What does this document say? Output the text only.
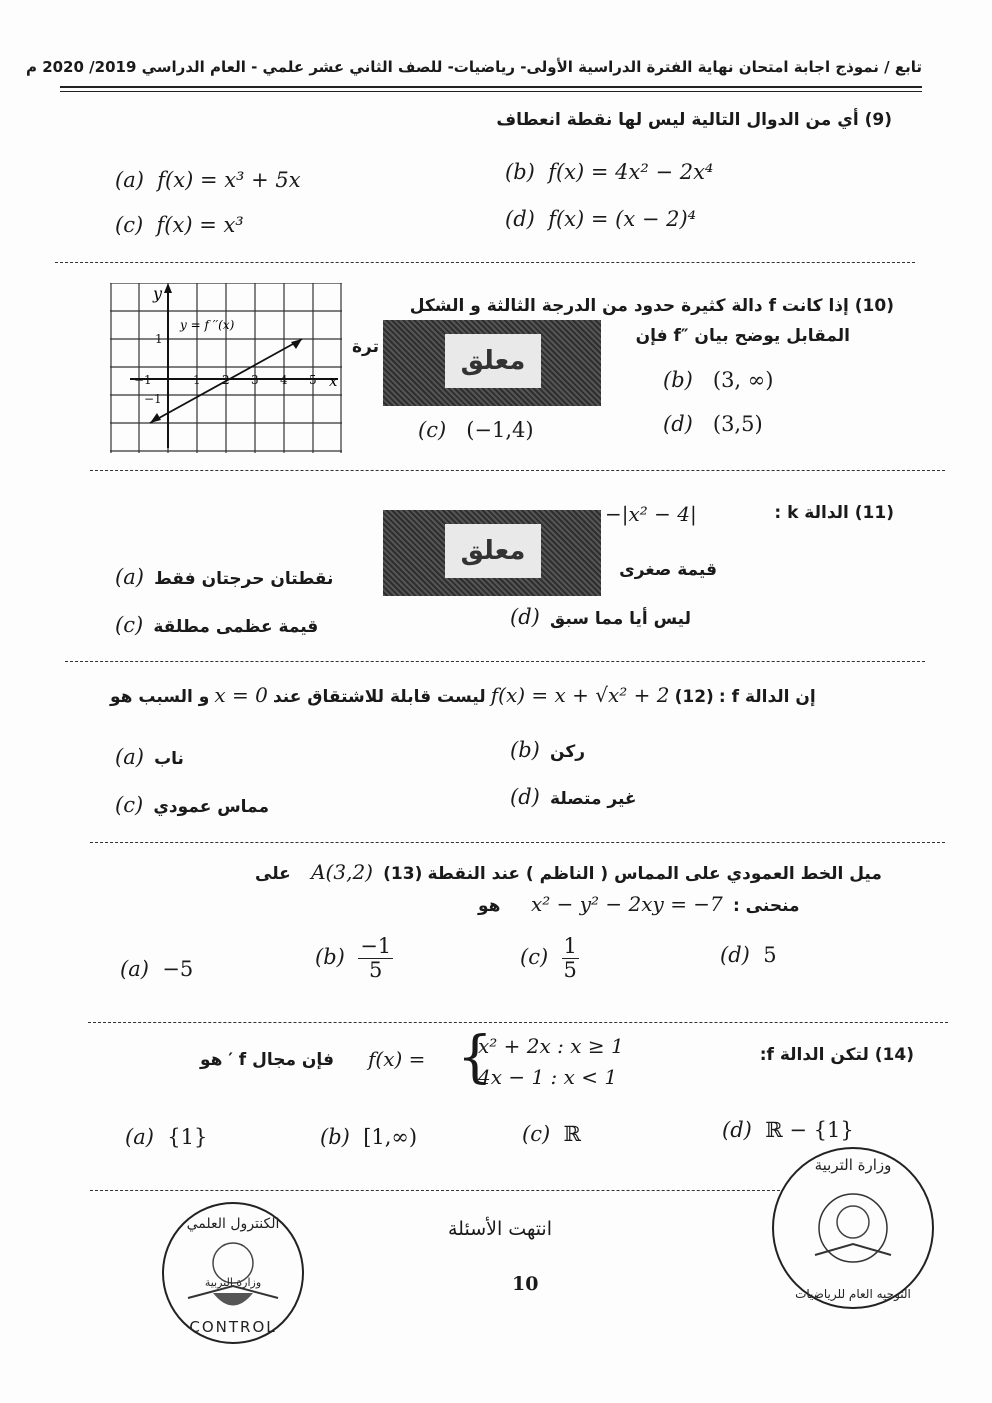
تابع / نموذج اجابة امتحان نهاية الفترة الدراسية الأولى- رياضيات- للصف الثاني عشر علمي - العام الدراسي 2019/ 2020 م
(9) أي من الدوال التالية ليس لها نقطة انعطاف
(a) f(x) = x³ + 5x	(b) f(x) = 4x² − 2x⁴
(c) f(x) = x³	(d) f(x) = (x − 2)⁴
y
x
y = f ′′(x)
−1	1 2 3 4 5
1
−1
(10) إذا كانت f دالة كثيرة حدود من الدرجة الثالثة و الشكل
المقابل يوضح بيان ″f فإن
ترة	معلق
(b) (3, ∞)
(c) (−1,4)	(d) (3,5)
(11) الدالة k :
−|x² − 4|
معلق
قيمة صغرى
(a) نقطتان حرجتان فقط
(c) قيمة عظمى مطلقة	(d) ليس أيا مما سبق
و السبب هو x = 0 ليست قابلة للاشتقاق عند f(x) = x + √x² + 2	إن الدالة f : (12)
(a) ناب	(b) ركن
(c) مماس عمودي	(d) غير متصلة
على A(3,2)	ميل الخط العمودي على المماس ( الناظم ) عند النقطة (13)
هو x² − y² − 2xy = −7 منحنى :
(a) −5	$(b) \frac{-1}{5}$	$(c) \frac{1}{5}$	(d) 5
(14) لتكن الدالة f:
f(x) = {
x² + 2x : x ≥ 1
4x − 1 : x < 1
فإن مجال f ′ هو
(a) {1}	(b) [1,∞)	(c) ℝ	(d) ℝ − {1}
انتهت الأسئلة
10
الكنترول العلمي
وزارة التربية
CONTROL
وزارة التربية
التوجيه العام للرياضيات
